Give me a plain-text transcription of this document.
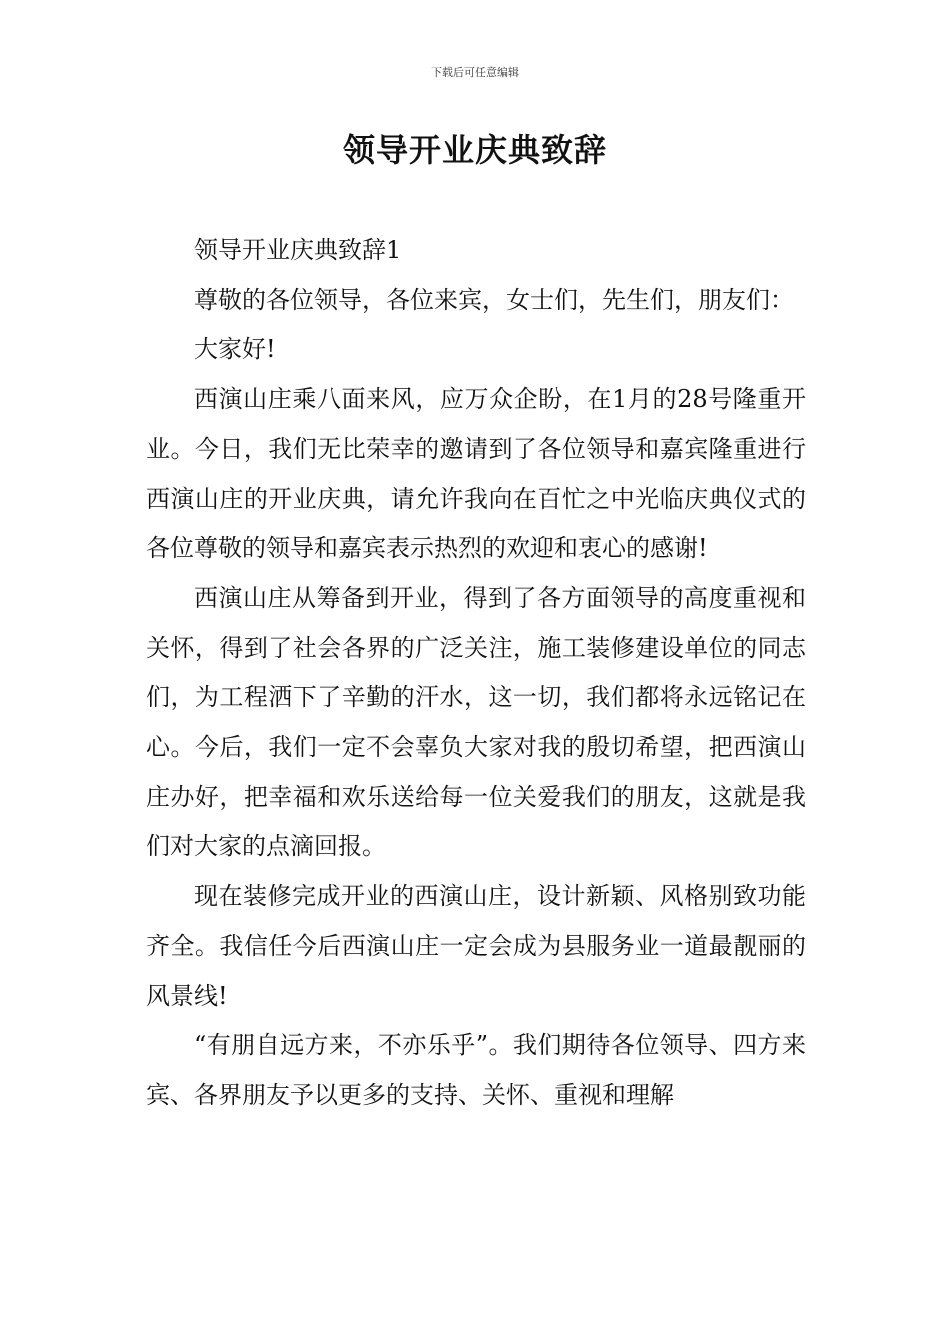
下载后可任意编辑
领导开业庆典致辞

领导开业庆典致辞1

尊敬的各位领导，各位来宾，女士们，先生们，朋友们：

大家好!

西演山庄乘八面来风，应万众企盼，在1月的28号隆重开业。今日，我们无比荣幸的邀请到了各位领导和嘉宾隆重进行西演山庄的开业庆典，请允许我向在百忙之中光临庆典仪式的各位尊敬的领导和嘉宾表示热烈的欢迎和衷心的感谢!

西演山庄从筹备到开业，得到了各方面领导的高度重视和关怀，得到了社会各界的广泛关注，施工装修建设单位的同志们，为工程洒下了辛勤的汗水，这一切，我们都将永远铭记在心。今后，我们一定不会辜负大家对我的殷切希望，把西演山庄办好，把幸福和欢乐送给每一位关爱我们的朋友，这就是我们对大家的点滴回报。

现在装修完成开业的西演山庄，设计新颖、风格别致功能齐全。我信任今后西演山庄一定会成为县服务业一道最靓丽的风景线!

“有朋自远方来，不亦乐乎”。我们期待各位领导、四方来宾、各界朋友予以更多的支持、关怀、重视和理解
